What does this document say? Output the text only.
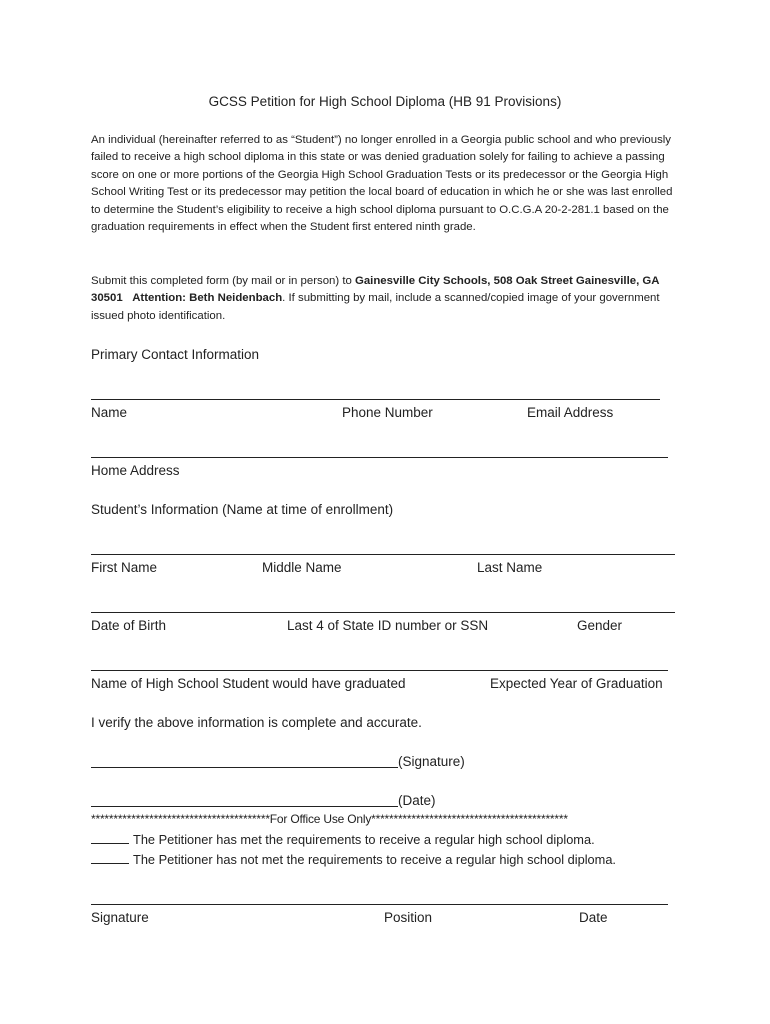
GCSS Petition for High School Diploma (HB 91 Provisions)

An individual (hereinafter referred to as “Student”) no longer enrolled in a Georgia public school and who previously failed to receive a high school diploma in this state or was denied graduation solely for failing to achieve a passing score on one or more portions of the Georgia High School Graduation Tests or its predecessor or the Georgia High School Writing Test or its predecessor may petition the local board of education in which he or she was last enrolled to determine the Student’s eligibility to receive a high school diploma pursuant to O.C.G.A 20-2-281.1 based on the graduation requirements in effect when the Student first entered ninth grade.

Submit this completed form (by mail or in person) to Gainesville City Schools, 508 Oak Street Gainesville, GA 30501 Attention: Beth Neidenbach. If submitting by mail, include a scanned/copied image of your government issued photo identification.

Primary Contact Information
Name	Phone Number	Email Address
Home Address
Student’s Information (Name at time of enrollment)
First Name	Middle Name	Last Name
Date of Birth	Last 4 of State ID number or SSN	Gender
Name of High School Student would have graduated	Expected Year of Graduation
I verify the above information is complete and accurate.
(Signature)
(Date)
****************************************For Office Use Only********************************************
The Petitioner has met the requirements to receive a regular high school diploma.
The Petitioner has not met the requirements to receive a regular high school diploma.
Signature	Position	Date
